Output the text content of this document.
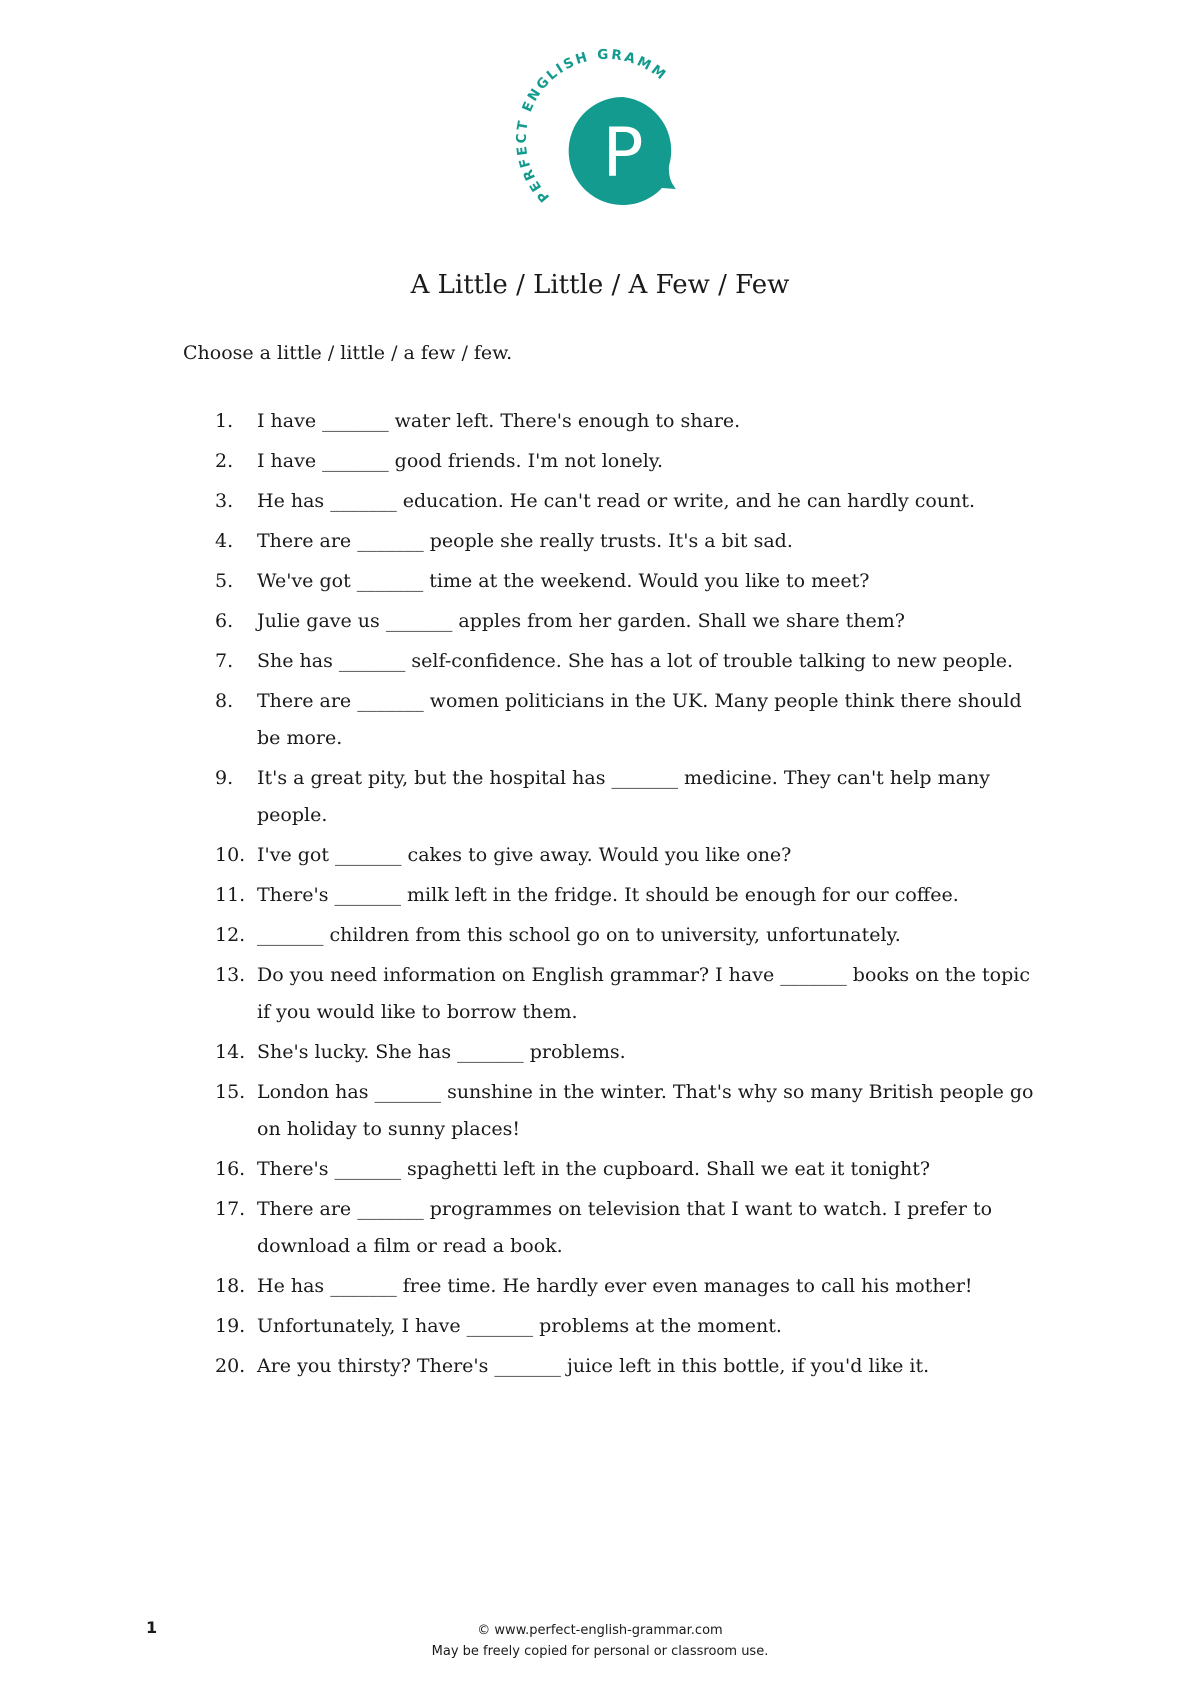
PERFECT ENGLISH GRAMM
P
A Little / Little / A Few / Few

Choose a little / little / a few / few.

1.	I have _______ water left. There's enough to share.
2.	I have _______ good friends. I'm not lonely.
3.	He has _______ education. He can't read or write, and he can hardly count.
4.	There are _______ people she really trusts. It's a bit sad.
5.	We've got _______ time at the weekend. Would you like to meet?
6.	Julie gave us _______ apples from her garden. Shall we share them?
7.	She has _______ self-confidence. She has a lot of trouble talking to new people.
8.	There are _______ women politicians in the UK. Many people think there should be more.
9.	It's a great pity, but the hospital has _______ medicine. They can't help many people.
10. I've got _______ cakes to give away. Would you like one?
11. There's _______ milk left in the fridge. It should be enough for our coffee.
12. _______ children from this school go on to university, unfortunately.
13. Do you need information on English grammar? I have _______ books on the topic if you would like to borrow them.
14. She's lucky. She has _______ problems.
15. London has _______ sunshine in the winter. That's why so many British people go on holiday to sunny places!
16. There's _______ spaghetti left in the cupboard. Shall we eat it tonight?
17. There are _______ programmes on television that I want to watch. I prefer to download a film or read a book.
18. He has _______ free time. He hardly ever even manages to call his mother!
19. Unfortunately, I have _______ problems at the moment.
20. Are you thirsty? There's _______ juice left in this bottle, if you'd like it.
1	© www.perfect-english-grammar.com
May be freely copied for personal or classroom use.
